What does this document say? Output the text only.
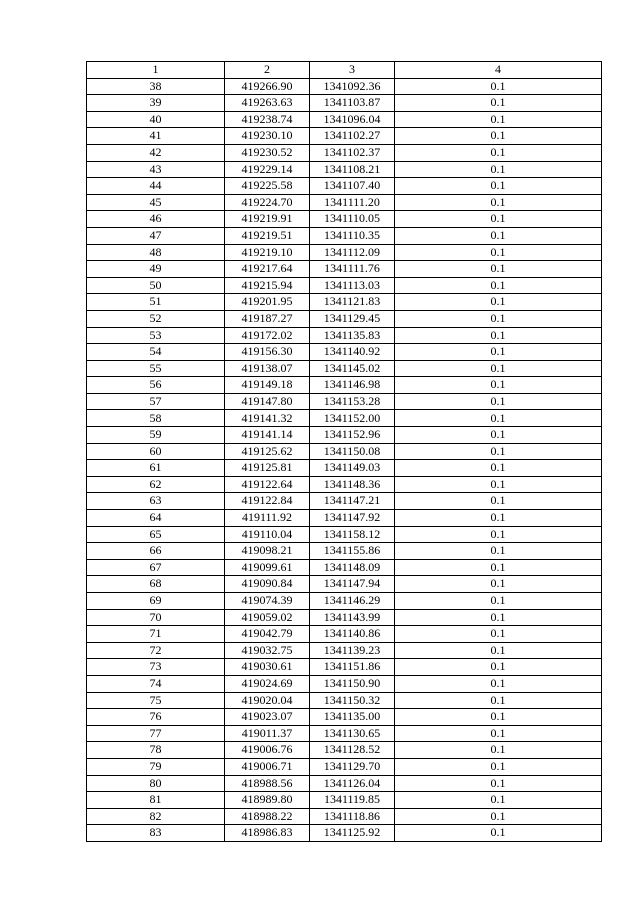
1	2	3	4
38	419266.90	1341092.36	0.1
39	419263.63	1341103.87	0.1
40	419238.74	1341096.04	0.1
41	419230.10	1341102.27	0.1
42	419230.52	1341102.37	0.1
43	419229.14	1341108.21	0.1
44	419225.58	1341107.40	0.1
45	419224.70	1341111.20	0.1
46	419219.91	1341110.05	0.1
47	419219.51	1341110.35	0.1
48	419219.10	1341112.09	0.1
49	419217.64	1341111.76	0.1
50	419215.94	1341113.03	0.1
51	419201.95	1341121.83	0.1
52	419187.27	1341129.45	0.1
53	419172.02	1341135.83	0.1
54	419156.30	1341140.92	0.1
55	419138.07	1341145.02	0.1
56	419149.18	1341146.98	0.1
57	419147.80	1341153.28	0.1
58	419141.32	1341152.00	0.1
59	419141.14	1341152.96	0.1
60	419125.62	1341150.08	0.1
61	419125.81	1341149.03	0.1
62	419122.64	1341148.36	0.1
63	419122.84	1341147.21	0.1
64	419111.92	1341147.92	0.1
65	419110.04	1341158.12	0.1
66	419098.21	1341155.86	0.1
67	419099.61	1341148.09	0.1
68	419090.84	1341147.94	0.1
69	419074.39	1341146.29	0.1
70	419059.02	1341143.99	0.1
71	419042.79	1341140.86	0.1
72	419032.75	1341139.23	0.1
73	419030.61	1341151.86	0.1
74	419024.69	1341150.90	0.1
75	419020.04	1341150.32	0.1
76	419023.07	1341135.00	0.1
77	419011.37	1341130.65	0.1
78	419006.76	1341128.52	0.1
79	419006.71	1341129.70	0.1
80	418988.56	1341126.04	0.1
81	418989.80	1341119.85	0.1
82	418988.22	1341118.86	0.1
83	418986.83	1341125.92	0.1
